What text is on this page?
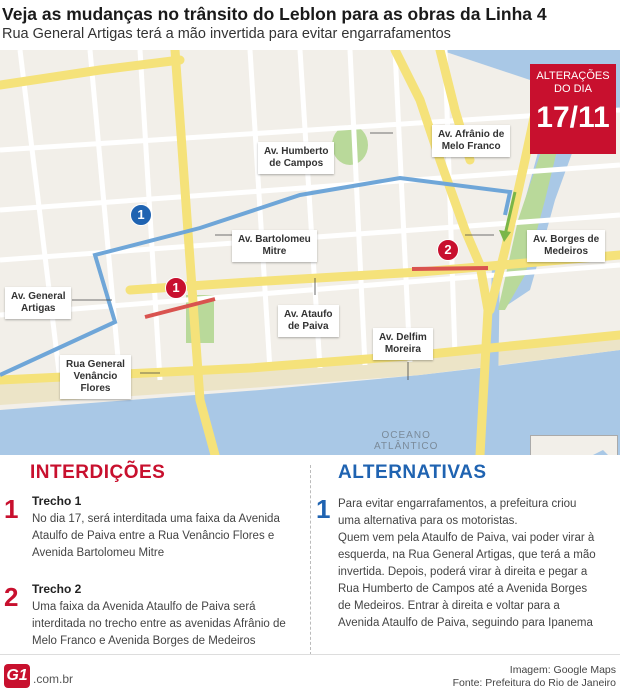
Veja as mudanças no trânsito do Leblon para as obras da Linha 4
Rua General Artigas terá a mão invertida para evitar engarrafamentos
Av. Humberto
de Campos
Av. Afrânio de
Melo Franco
Av. Bartolomeu
Mitre
Av. Borges de
Medeiros
Av. General
Artigas
Av. Ataufo
de Paiva
Av. Delfim
Moreira
Rua General
Venâncio
Flores
1
2
1
ALTERAÇÕES
DO DIA
17/11
OCEANO
ATLÂNTICO
INTERDIÇÕES
1 Trecho 1
No dia 17, será interditada uma faixa da Avenida
Ataulfo de Paiva entre a Rua Venâncio Flores e
Avenida Bartolomeu Mitre
2 Trecho 2
Uma faixa da Avenida Ataulfo de Paiva será
interditada no trecho entre as avenidas Afrânio de
Melo Franco e Avenida Borges de Medeiros
ALTERNATIVAS
1 Para evitar engarrafamentos, a prefeitura criou
uma alternativa para os motoristas.
Quem vem pela Ataulfo de Paiva, vai poder virar à
esquerda, na Rua General Artigas, que terá a mão
invertida. Depois, poderá virar à direita e pegar a
Rua Humberto de Campos até a Avenida Borges
de Medeiros. Entrar à direita e voltar para a
Avenida Ataulfo de Paiva, seguindo para Ipanema
G1 .com.br
Imagem: Google Maps
Fonte: Prefeitura do Rio de Janeiro
